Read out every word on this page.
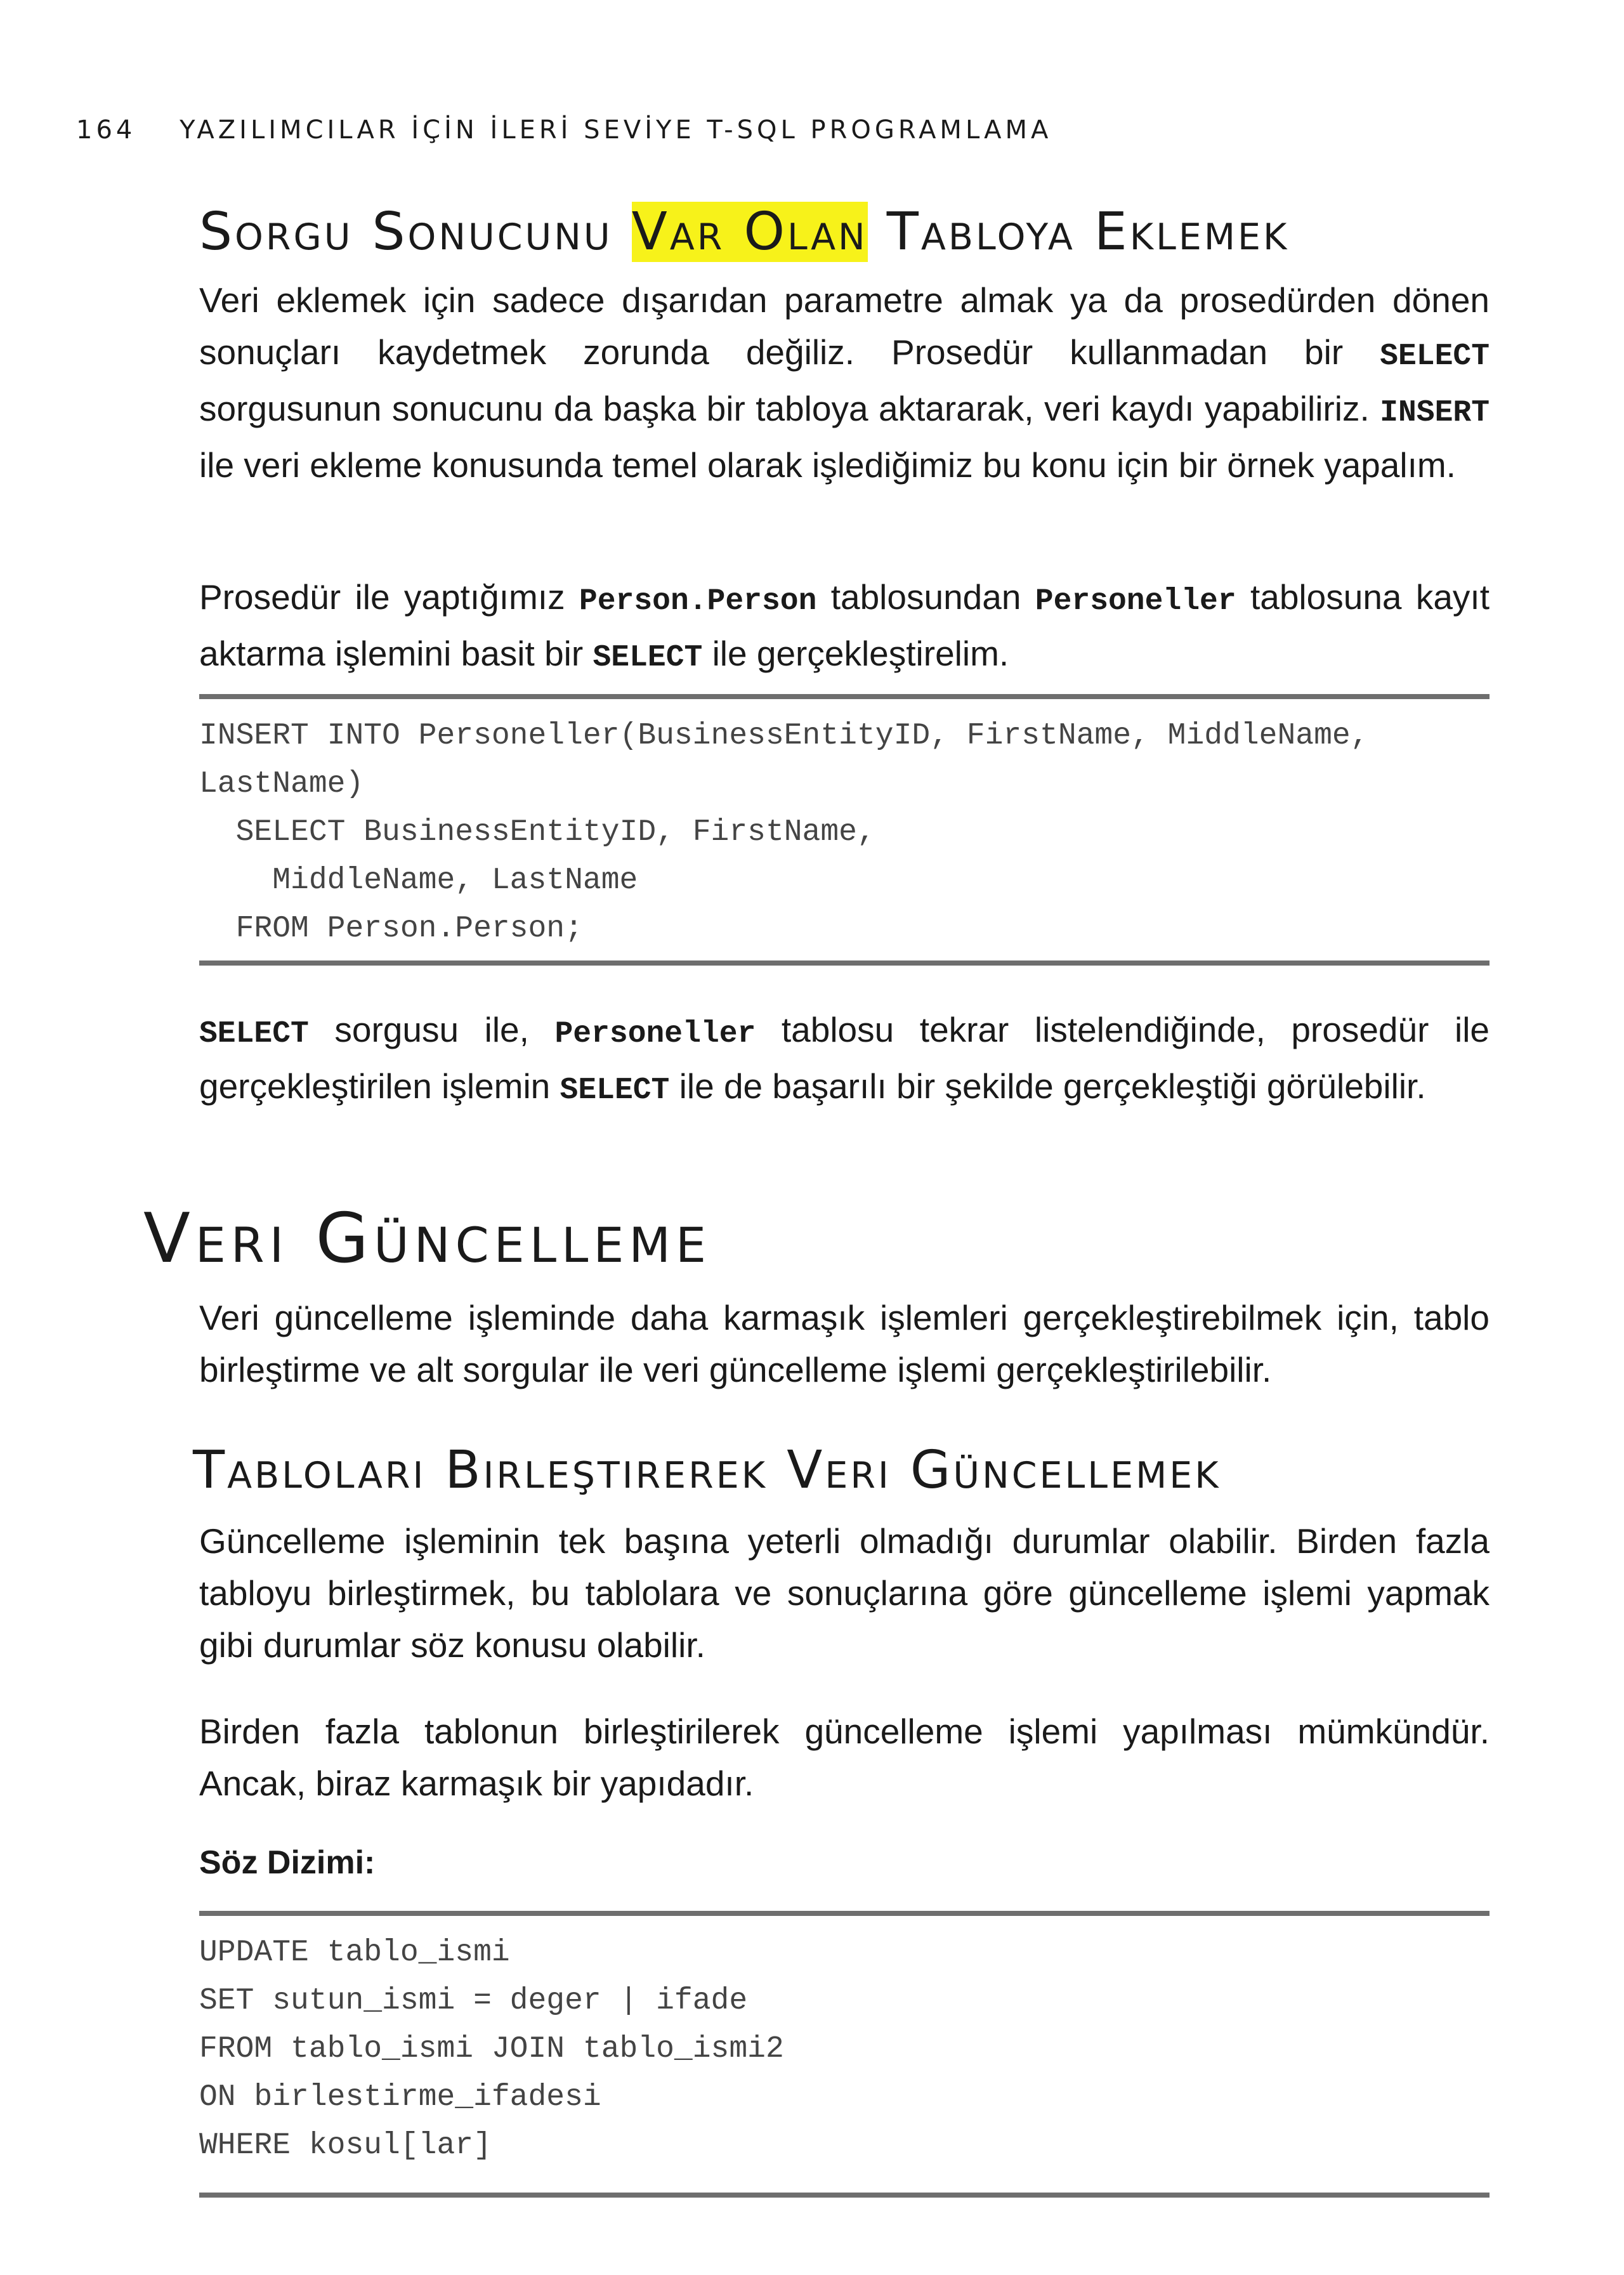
164 YAZILIMCILAR İÇİN İLERİ SEVİYE T-SQL PROGRAMLAMA
Sorgu Sonucunu Var Olan Tabloya Eklemek

Veri eklemek için sadece dışarıdan parametre almak ya da prosedürden dönen sonuçları kaydetmek zorunda değiliz. Prosedür kullanmadan bir SELECT sorgusunun sonucunu da başka bir tabloya aktararak, veri kaydı yapabiliriz. INSERT ile veri ekleme konusunda temel olarak işlediğimiz bu konu için bir örnek yapalım.

Prosedür ile yaptığımız Person.Person tablosundan Personeller tablosuna kayıt aktarma işlemini basit bir SELECT ile gerçekleştirelim.

INSERT INTO Personeller(BusinessEntityID, FirstName, MiddleName,
LastName)
SELECT BusinessEntityID, FirstName,
MiddleName, LastName
FROM Person.Person;

SELECT sorgusu ile, Personeller tablosu tekrar listelendiğinde, prosedür ile gerçekleştirilen işlemin SELECT ile de başarılı bir şekilde gerçekleştiği görülebilir.

Veri Güncelleme

Veri güncelleme işleminde daha karmaşık işlemleri gerçekleştirebilmek için, tablo birleştirme ve alt sorgular ile veri güncelleme işlemi gerçekleştirilebilir.

Tabloları Birleştirerek Veri Güncellemek

Güncelleme işleminin tek başına yeterli olmadığı durumlar olabilir. Birden fazla tabloyu birleştirmek, bu tablolara ve sonuçlarına göre güncelleme işlemi yapmak gibi durumlar söz konusu olabilir.

Birden fazla tablonun birleştirilerek güncelleme işlemi yapılması mümkündür. Ancak, biraz karmaşık bir yapıdadır.

Söz Dizimi:
UPDATE tablo_ismi
SET sutun_ismi = deger | ifade
FROM tablo_ismi JOIN tablo_ismi2
ON birlestirme_ifadesi
WHERE kosul[lar]
